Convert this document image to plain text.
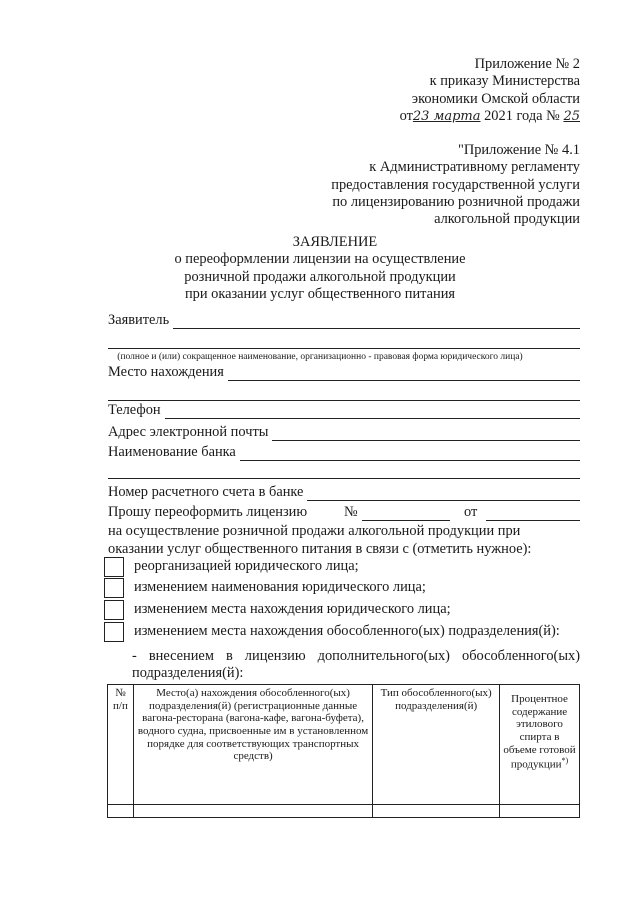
Приложение № 2
к приказу Министерства
экономики Омской области
от23 марта 2021 года № 25
"Приложение № 4.1
к Административному регламенту
предоставления государственной услуги
по лицензированию розничной продажи
алкогольной продукции
ЗАЯВЛЕНИЕ
о переоформлении лицензии на осуществление
розничной продажи алкогольной продукции
при оказании услуг общественного питания
Заявитель
(полное и (или) сокращенное наименование, организационно - правовая форма юридического лица)
Место нахождения
Телефон
Адрес электронной почты
Наименование банка
Номер расчетного счета в банке
Прошу переоформить лицензию	№	от
на осуществление розничной продажи алкогольной продукции при
оказании услуг общественного питания в связи с (отметить нужное):
реорганизацией юридического лица;
изменением наименования юридического лица;
изменением места нахождения юридического лица;
изменением места нахождения обособленного(ых) подразделения(й):
- внесением в лицензию дополнительного(ых) обособленного(ых)
подразделения(й):
№ п/п	Место(а) нахождения обособленного(ых) подразделения(й) (регистрационные данные вагона-ресторана (вагона-кафе, вагона-буфета), водного судна, присвоенные им в установленном порядке для соответствующих транспортных средств)	Тип обособленного(ых) подразделения(й)	Процентное содержание этилового спирта в объеме готовой продукции*)
